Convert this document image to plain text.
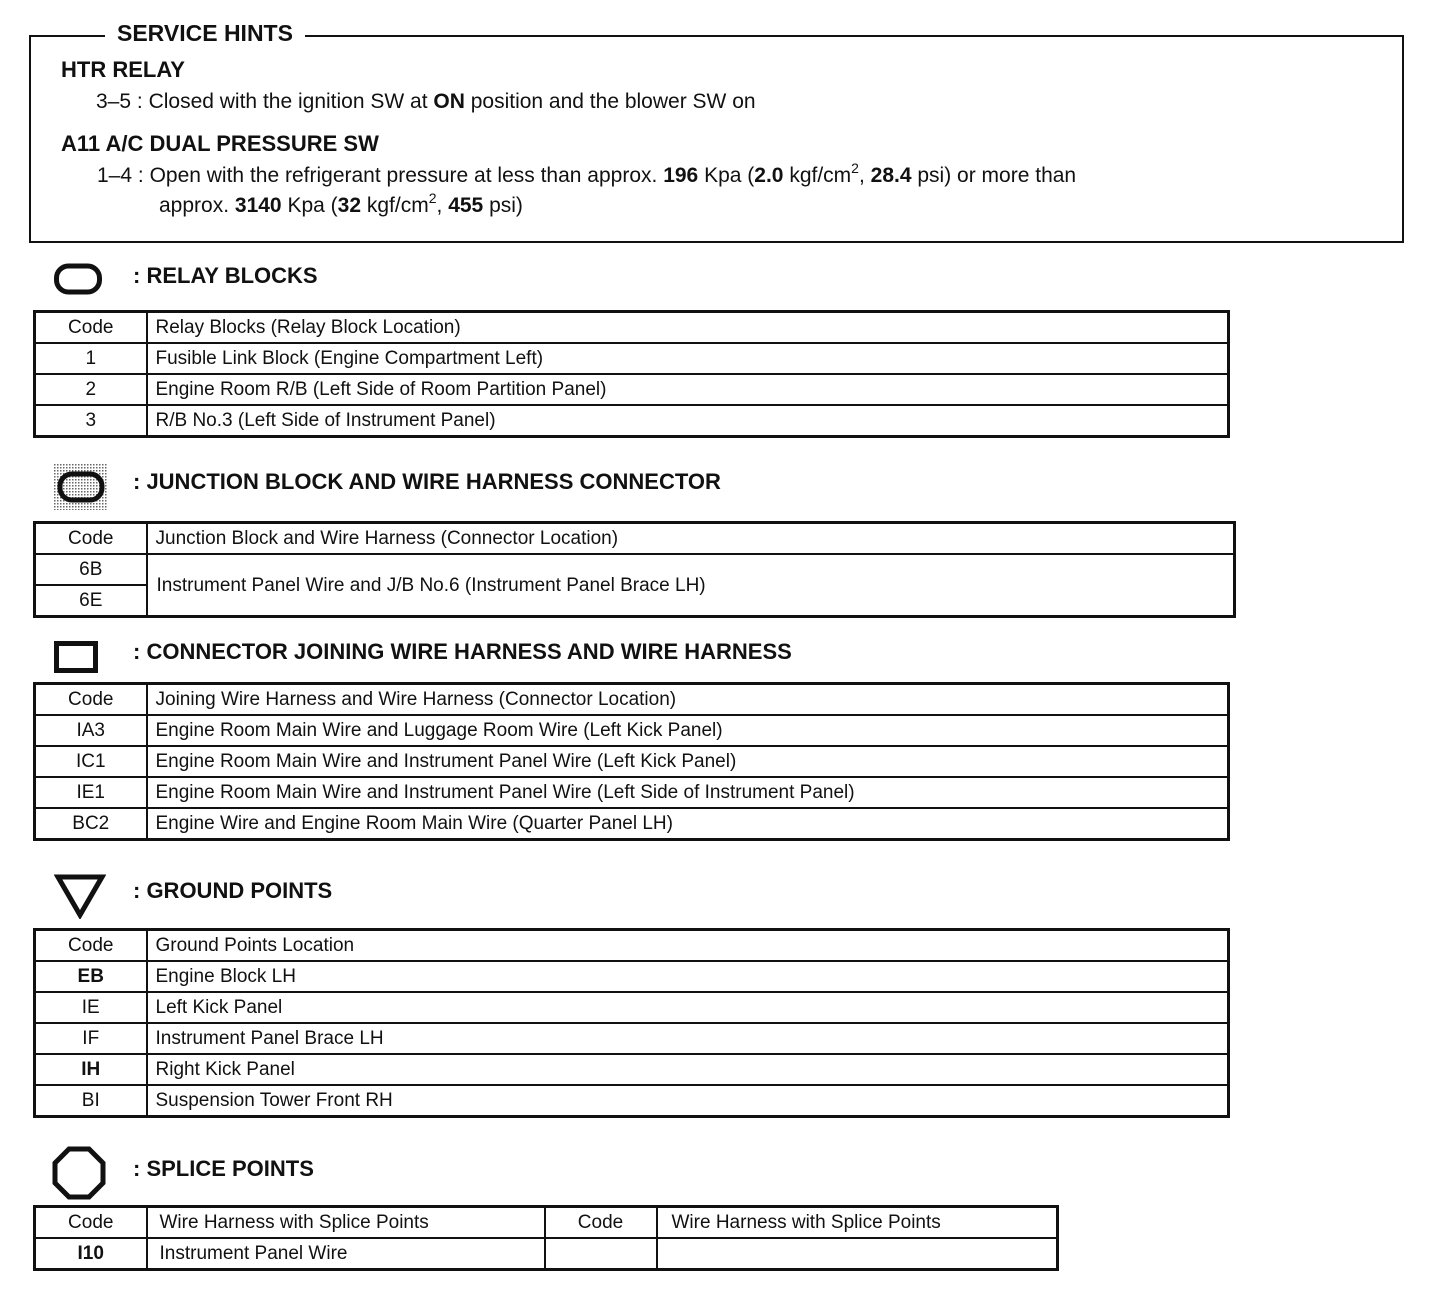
SERVICE HINTS
HTR RELAY
3–5 : Closed with the ignition SW at ON position and the blower SW on
A11 A/C DUAL PRESSURE SW
1–4 : Open with the refrigerant pressure at less than approx. 196 Kpa (2.0 kgf/$cm^2$, 28.4 psi) or more than
approx. 3140 Kpa (32 kgf/$cm^2$, 455 psi)
: RELAY BLOCKS
Code	Relay Blocks (Relay Block Location)
1	Fusible Link Block (Engine Compartment Left)
2	Engine Room R/B (Left Side of Room Partition Panel)
3	R/B No.3 (Left Side of Instrument Panel)
: JUNCTION BLOCK AND WIRE HARNESS CONNECTOR
Code	Junction Block and Wire Harness (Connector Location)
6B	Instrument Panel Wire and J/B No.6 (Instrument Panel Brace LH)
6E	
: CONNECTOR JOINING WIRE HARNESS AND WIRE HARNESS
Code	Joining Wire Harness and Wire Harness (Connector Location)
IA3	Engine Room Main Wire and Luggage Room Wire (Left Kick Panel)
IC1	Engine Room Main Wire and Instrument Panel Wire (Left Kick Panel)
IE1	Engine Room Main Wire and Instrument Panel Wire (Left Side of Instrument Panel)
BC2	Engine Wire and Engine Room Main Wire (Quarter Panel LH)
: GROUND POINTS
Code	Ground Points Location
EB	Engine Block LH
IE	Left Kick Panel
IF	Instrument Panel Brace LH
IH	Right Kick Panel
BI	Suspension Tower Front RH
: SPLICE POINTS
Code	Wire Harness with Splice Points	Code	Wire Harness with Splice Points
I10	Instrument Panel Wire		
